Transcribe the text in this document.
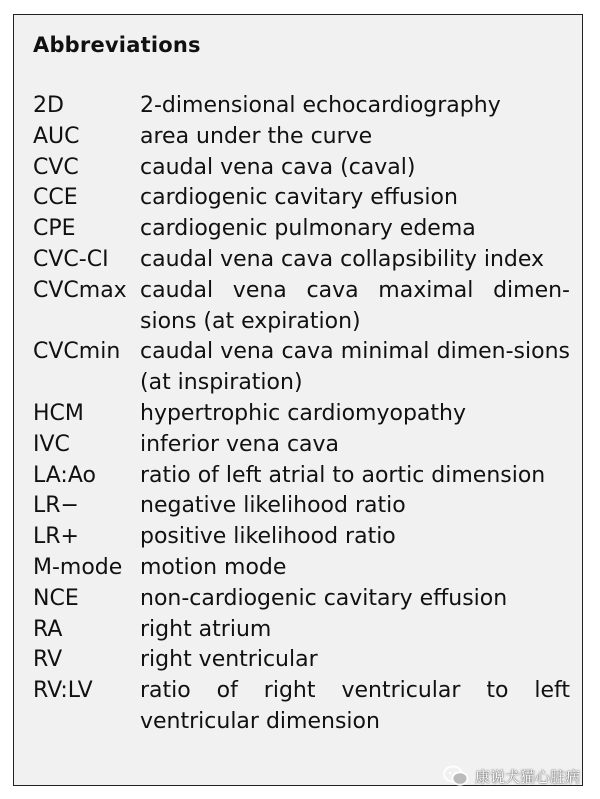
Abbreviations
2D	2-dimensional echocardiography
AUC	area under the curve
CVC	caudal vena cava (caval)
CCE	cardiogenic cavitary effusion
CPE	cardiogenic pulmonary edema
CVC-CI	caudal vena cava collapsibility index
CVCmax caudal vena cava maximal dimen-sions (at expiration)
CVCmin caudal vena cava minimal dimen-sions (at inspiration)
HCM	hypertrophic cardiomyopathy
IVC	inferior vena cava
LA:Ao	ratio of left atrial to aortic dimension
LR−	negative likelihood ratio
LR+	positive likelihood ratio
M-mode motion mode
NCE	non-cardiogenic cavitary effusion
RA	right atrium
RV	right ventricular
RV:LV	ratio of right ventricular to left ventricular dimension
康说犬猫心脏病
